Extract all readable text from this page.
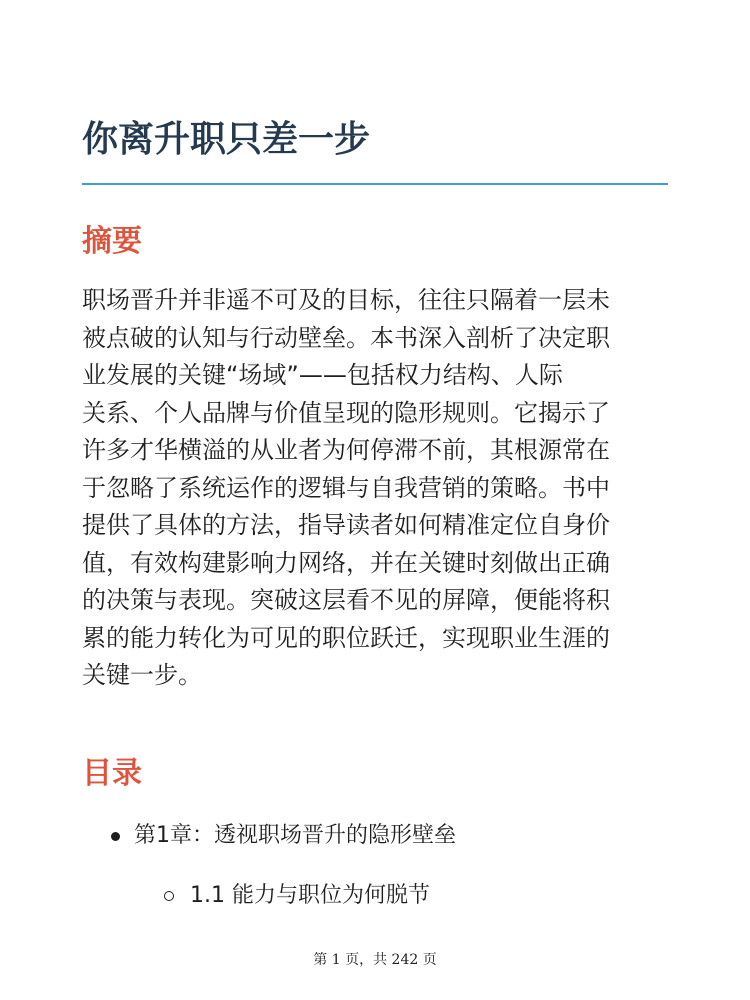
你离升职只差一步
摘要

职场晋升并非遥不可及的目标，往往只隔着一层未
被点破的认知与行动壁垒。本书深入剖析了决定职
业发展的关键“场域”——包括权力结构、人际
关系、个人品牌与价值呈现的隐形规则。它揭示了
许多才华横溢的从业者为何停滞不前，其根源常在
于忽略了系统运作的逻辑与自我营销的策略。书中
提供了具体的方法，指导读者如何精准定位自身价
值，有效构建影响力网络，并在关键时刻做出正确
的决策与表现。突破这层看不见的屏障，便能将积
累的能力转化为可见的职位跃迁，实现职业生涯的
关键一步。

目录
第1章：透视职场晋升的隐形壁垒
1.1 能力与职位为何脱节
第 1 页，共 242 页
